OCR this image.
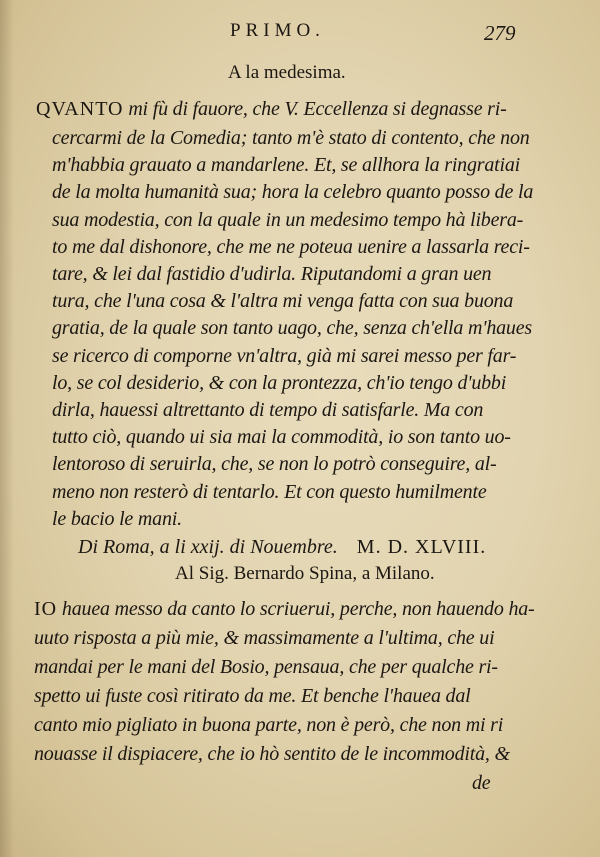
PRIMO.	279
A la medesima.
QVANTO mi fù di fauore, che V. Eccellenza si degnasse ri-
cercarmi de la Comedia; tanto m'è stato di contento, che non
m'habbia grauato a mandarlene. Et, se allhora la ringratiai
de la molta humanità sua; hora la celebro quanto posso de la
sua modestia, con la quale in un medesimo tempo hà libera-
to me dal dishonore, che me ne poteua uenire a lassarla reci-
tare, & lei dal fastidio d'udirla. Riputandomi a gran uen
tura, che l'una cosa & l'altra mi venga fatta con sua buona
gratia, de la quale son tanto uago, che, senza ch'ella m'haues
se ricerco di comporne vn'altra, già mi sarei messo per far-
lo, se col desiderio, & con la prontezza, ch'io tengo d'ubbi
dirla, hauessi altrettanto di tempo di satisfarle. Ma con
tutto ciò, quando ui sia mai la commodità, io son tanto uo-
lentoroso di seruirla, che, se non lo potrò conseguire, al-
meno non resterò di tentarlo. Et con questo humilmente
le bacio le mani.
Di Roma, a li xxij. di Nouembre. M. D. XLVIII.
Al Sig. Bernardo Spina, a Milano.
IO haueа messo da canto lo scriuerui, perche, non hauendo ha-
uuto risposta a più mie, & massimamente a l'ultima, che ui
mandai per le mani del Bosio, pensaua, che per qualche ri-
spetto ui fuste così ritirato da me. Et benche l'haueа dal
canto mio pigliato in buona parte, non è però, che non mi ri
nouasse il dispiacere, che io hò sentito de le incommodità, &
de
